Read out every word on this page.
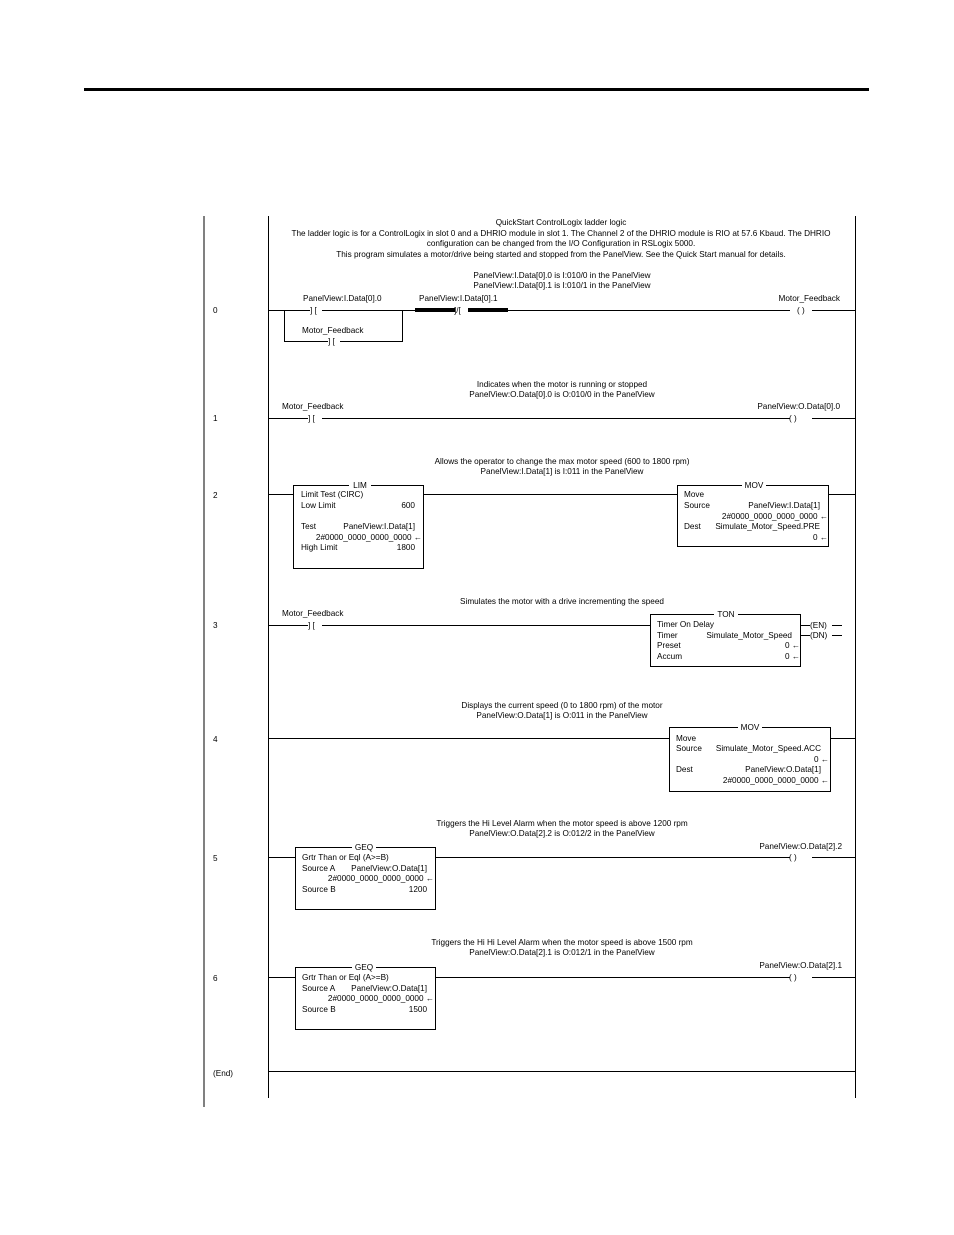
QuickStart ControlLogix ladder logic
The ladder logic is for a ControlLogix in slot 0 and a DHRIO module in slot 1. The Channel 2 of the DHRIO module is RIO at 57.6 Kbaud. The DHRIO
configuration can be changed from the I/O Configuration in RSLogix 5000.
This program simulates a motor/drive being started and stopped from the PanelView. See the Quick Start manual for details.
0
PanelView:I.Data[0].0 is I:010/0 in the PanelView
PanelView:I.Data[0].1 is I:010/1 in the PanelView
PanelView:I.Data[0].0
] [
PanelView:I.Data[0].1
]/[
Motor_Feedback
] [
Motor_Feedback
( )
1
Indicates when the motor is running or stopped
PanelView:O.Data[0].0 is O:010/0 in the PanelView
Motor_Feedback
] [
PanelView:O.Data[0].0
( )
2
Allows the operator to change the max motor speed (600 to 1800 rpm)
PanelView:I.Data[1] is I:011 in the PanelView
LIM
Limit Test (CIRC)
Low Limit	600
Test	PanelView:I.Data[1]
2#0000_0000_0000_0000 ←
High Limit	1800
MOV
Move
Source	PanelView:I.Data[1]
2#0000_0000_0000_0000 ←
Dest Simulate_Motor_Speed.PRE
0 ←
3
Simulates the motor with a drive incrementing the speed
Motor_Feedback
] [
TON
Timer On Delay
Timer	Simulate_Motor_Speed
Preset	0 ←
Accum	0 ←
(EN)
(DN)
4
Displays the current speed (0 to 1800 rpm) of the motor
PanelView:O.Data[1] is O:011 in the PanelView
MOV
Move
Source Simulate_Motor_Speed.ACC
0 ←
Dest	PanelView:O.Data[1]
2#0000_0000_0000_0000 ←
5
Triggers the Hi Level Alarm when the motor speed is above 1200 rpm
PanelView:O.Data[2].2 is O:012/2 in the PanelView
GEQ
Grtr Than or Eql (A>=B)
Source A PanelView:O.Data[1]
2#0000_0000_0000_0000 ←
Source B	1200
PanelView:O.Data[2].2
( )
6
Triggers the Hi Hi Level Alarm when the motor speed is above 1500 rpm
PanelView:O.Data[2].1 is O:012/1 in the PanelView
GEQ
Grtr Than or Eql (A>=B)
Source A PanelView:O.Data[1]
2#0000_0000_0000_0000 ←
Source B	1500
PanelView:O.Data[2].1
( )
(End)
